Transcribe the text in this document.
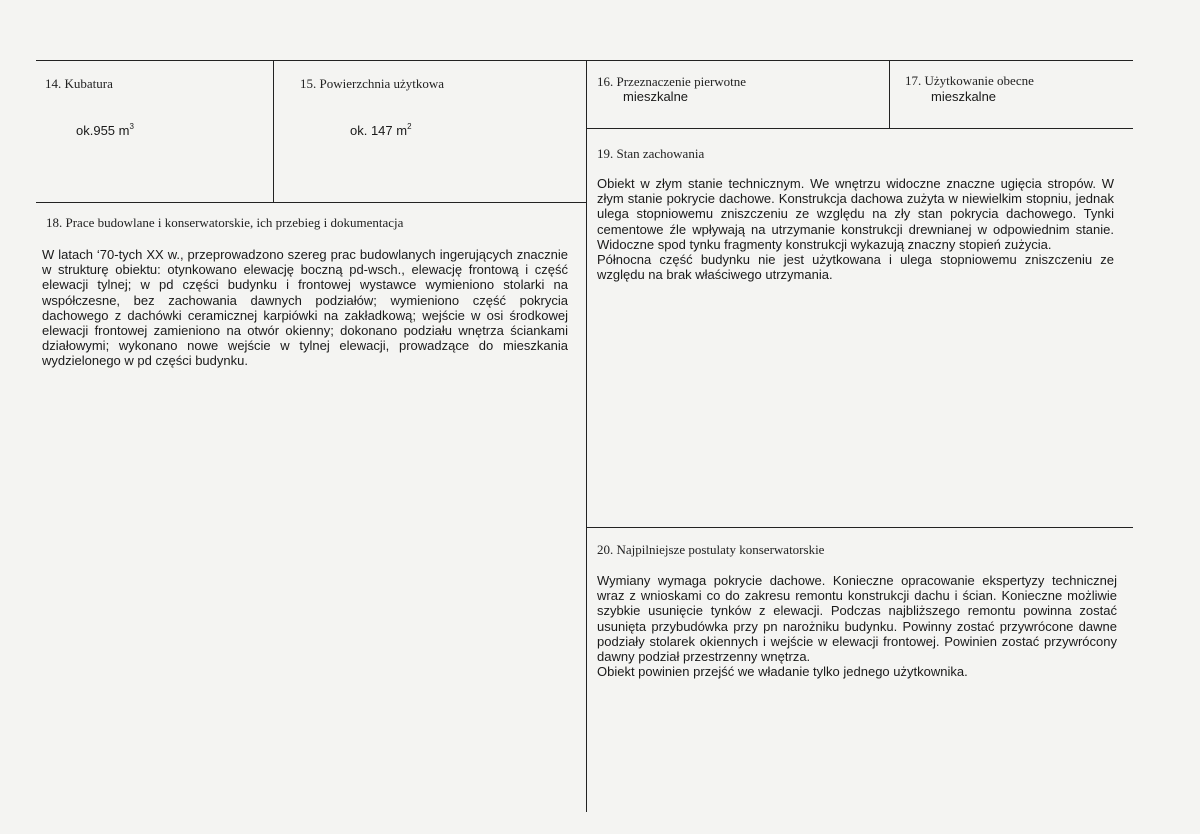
14. Kubatura
ok.955 $m^3$
15. Powierzchnia użytkowa
ok. 147 $m^2$
16. Przeznaczenie pierwotne
mieszkalne
17. Użytkowanie obecne
mieszkalne
19. Stan zachowania
Obiekt w złym stanie technicznym. We wnętrzu widoczne znaczne ugięcia stropów. W złym stanie pokrycie dachowe. Konstrukcja dachowa zużyta w niewielkim stopniu, jednak ulega stopniowemu zniszczeniu ze względu na zły stan pokrycia dachowego. Tynki cementowe źle wpływają na utrzymanie konstrukcji drewnianej w odpowiednim stanie. Widoczne spod tynku fragmenty konstrukcji wykazują znaczny stopień zużycia.
Północna część budynku nie jest użytkowana i ulega stopniowemu zniszczeniu ze względu na brak właściwego utrzymania.
18. Prace budowlane i konserwatorskie, ich przebieg i dokumentacja
W latach ‘70-tych XX w., przeprowadzono szereg prac budowlanych ingerujących znacznie w strukturę obiektu: otynkowano elewację boczną pd-wsch., elewację frontową i część elewacji tylnej; w pd części budynku i frontowej wystawce wymieniono stolarki na współczesne, bez zachowania dawnych podziałów; wymieniono część pokrycia dachowego z dachówki ceramicznej karpiówki na zakładkową; wejście w osi środkowej elewacji frontowej zamieniono na otwór okienny; dokonano podziału wnętrza ściankami działowymi; wykonano nowe wejście w tylnej elewacji, prowadzące do mieszkania wydzielonego w pd części budynku.
20. Najpilniejsze postulaty konserwatorskie
Wymiany wymaga pokrycie dachowe. Konieczne opracowanie ekspertyzy technicznej wraz z wnioskami co do zakresu remontu konstrukcji dachu i ścian. Konieczne możliwie szybkie usunięcie tynków z elewacji. Podczas najbliższego remontu powinna zostać usunięta przybudówka przy pn narożniku budynku. Powinny zostać przywrócone dawne podziały stolarek okiennych i wejście w elewacji frontowej. Powinien zostać przywrócony dawny podział przestrzenny wnętrza.
Obiekt powinien przejść we władanie tylko jednego użytkownika.
